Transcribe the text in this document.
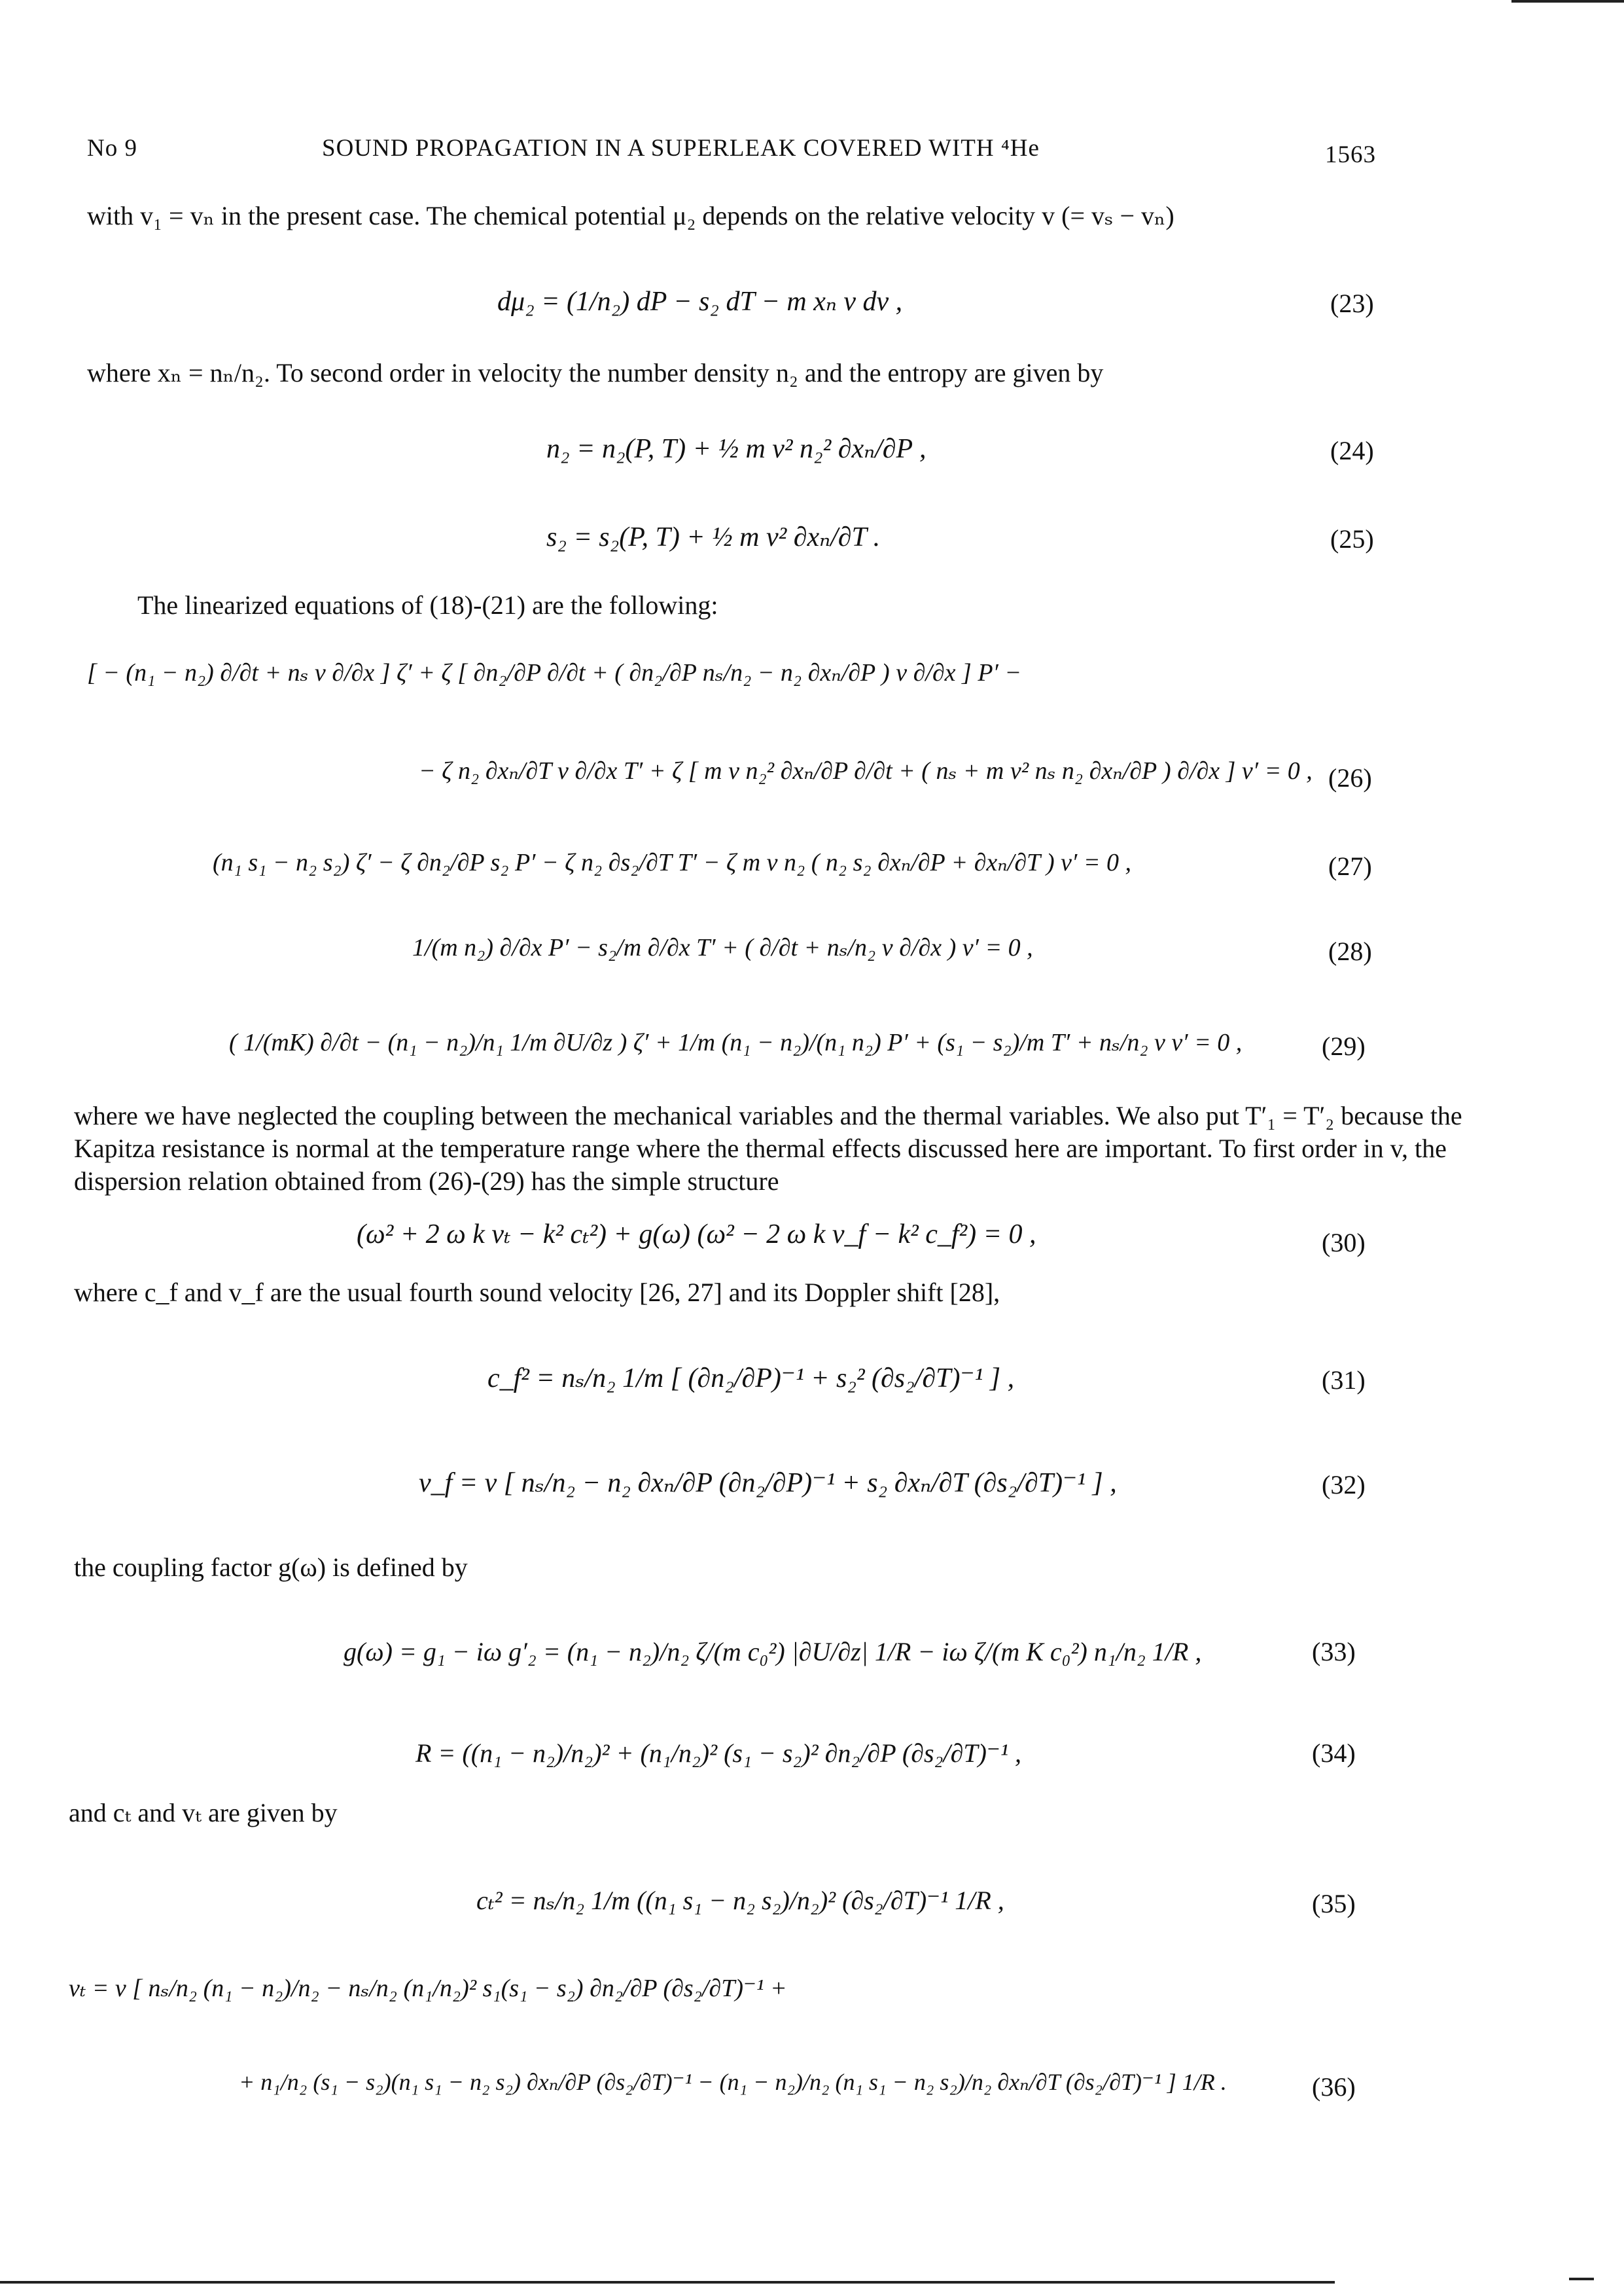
No 9	SOUND PROPAGATION IN A SUPERLEAK COVERED WITH ⁴He	1563
with v₁ = vₙ in the present case. The chemical potential μ₂ depends on the relative velocity v (= vₛ − vₙ)
dμ₂ = (1/n₂) dP − s₂ dT − m xₙ v dv ,	(23)
where xₙ = nₙ/n₂. To second order in velocity the number density n₂ and the entropy are given by
n₂ = n₂(P, T) + ½ m v² n₂² ∂xₙ/∂P ,	(24)
s₂ = s₂(P, T) + ½ m v² ∂xₙ/∂T .	(25)
The linearized equations of (18)-(21) are the following:
[ − (n₁ − n₂) ∂/∂t + nₛ v ∂/∂x ] ζ′ + ζ [ ∂n₂/∂P ∂/∂t + ( ∂n₂/∂P nₛ/n₂ − n₂ ∂xₙ/∂P ) v ∂/∂x ] P′ −
− ζ n₂ ∂xₙ/∂T v ∂/∂x T′ + ζ [ m v n₂² ∂xₙ/∂P ∂/∂t + ( nₛ + m v² nₛ n₂ ∂xₙ/∂P ) ∂/∂x ] v′ = 0 , (26)
(n₁ s₁ − n₂ s₂) ζ′ − ζ ∂n₂/∂P s₂ P′ − ζ n₂ ∂s₂/∂T T′ − ζ m v n₂ ( n₂ s₂ ∂xₙ/∂P + ∂xₙ/∂T ) v′ = 0 ,	(27)
1/(m n₂) ∂/∂x P′ − s₂/m ∂/∂x T′ + ( ∂/∂t + nₛ/n₂ v ∂/∂x ) v′ = 0 ,	(28)
( 1/(mK) ∂/∂t − (n₁ − n₂)/n₁ 1/m ∂U/∂z ) ζ′ + 1/m (n₁ − n₂)/(n₁ n₂) P′ + (s₁ − s₂)/m T′ + nₛ/n₂ v v′ = 0 ,	(29)
where we have neglected the coupling between the mechanical variables and the thermal variables. We also put T′₁ = T′₂ because the Kapitza resistance is normal at the temperature range where the thermal effects discussed here are important. To first order in v, the dispersion relation obtained from (26)-(29) has the simple structure
(ω² + 2 ω k vₜ − k² cₜ²) + g(ω) (ω² − 2 ω k v_f − k² c_f²) = 0 ,	(30)
where c_f and v_f are the usual fourth sound velocity [26, 27] and its Doppler shift [28],
c_f² = nₛ/n₂ 1/m [ (∂n₂/∂P)⁻¹ + s₂² (∂s₂/∂T)⁻¹ ] ,	(31)
v_f = v [ nₛ/n₂ − n₂ ∂xₙ/∂P (∂n₂/∂P)⁻¹ + s₂ ∂xₙ/∂T (∂s₂/∂T)⁻¹ ] ,	(32)
the coupling factor g(ω) is defined by
g(ω) = g₁ − iω g′₂ = (n₁ − n₂)/n₂ ζ/(m c₀²) |∂U/∂z| 1/R − iω ζ/(m K c₀²) n₁/n₂ 1/R ,	(33)
R = ((n₁ − n₂)/n₂)² + (n₁/n₂)² (s₁ − s₂)² ∂n₂/∂P (∂s₂/∂T)⁻¹ ,	(34)
and cₜ and vₜ are given by
cₜ² = nₛ/n₂ 1/m ((n₁ s₁ − n₂ s₂)/n₂)² (∂s₂/∂T)⁻¹ 1/R ,	(35)
vₜ = v [ nₛ/n₂ (n₁ − n₂)/n₂ − nₛ/n₂ (n₁/n₂)² s₁(s₁ − s₂) ∂n₂/∂P (∂s₂/∂T)⁻¹ +
+ n₁/n₂ (s₁ − s₂)(n₁ s₁ − n₂ s₂) ∂xₙ/∂P (∂s₂/∂T)⁻¹ − (n₁ − n₂)/n₂ (n₁ s₁ − n₂ s₂)/n₂ ∂xₙ/∂T (∂s₂/∂T)⁻¹ ] 1/R .	(36)
